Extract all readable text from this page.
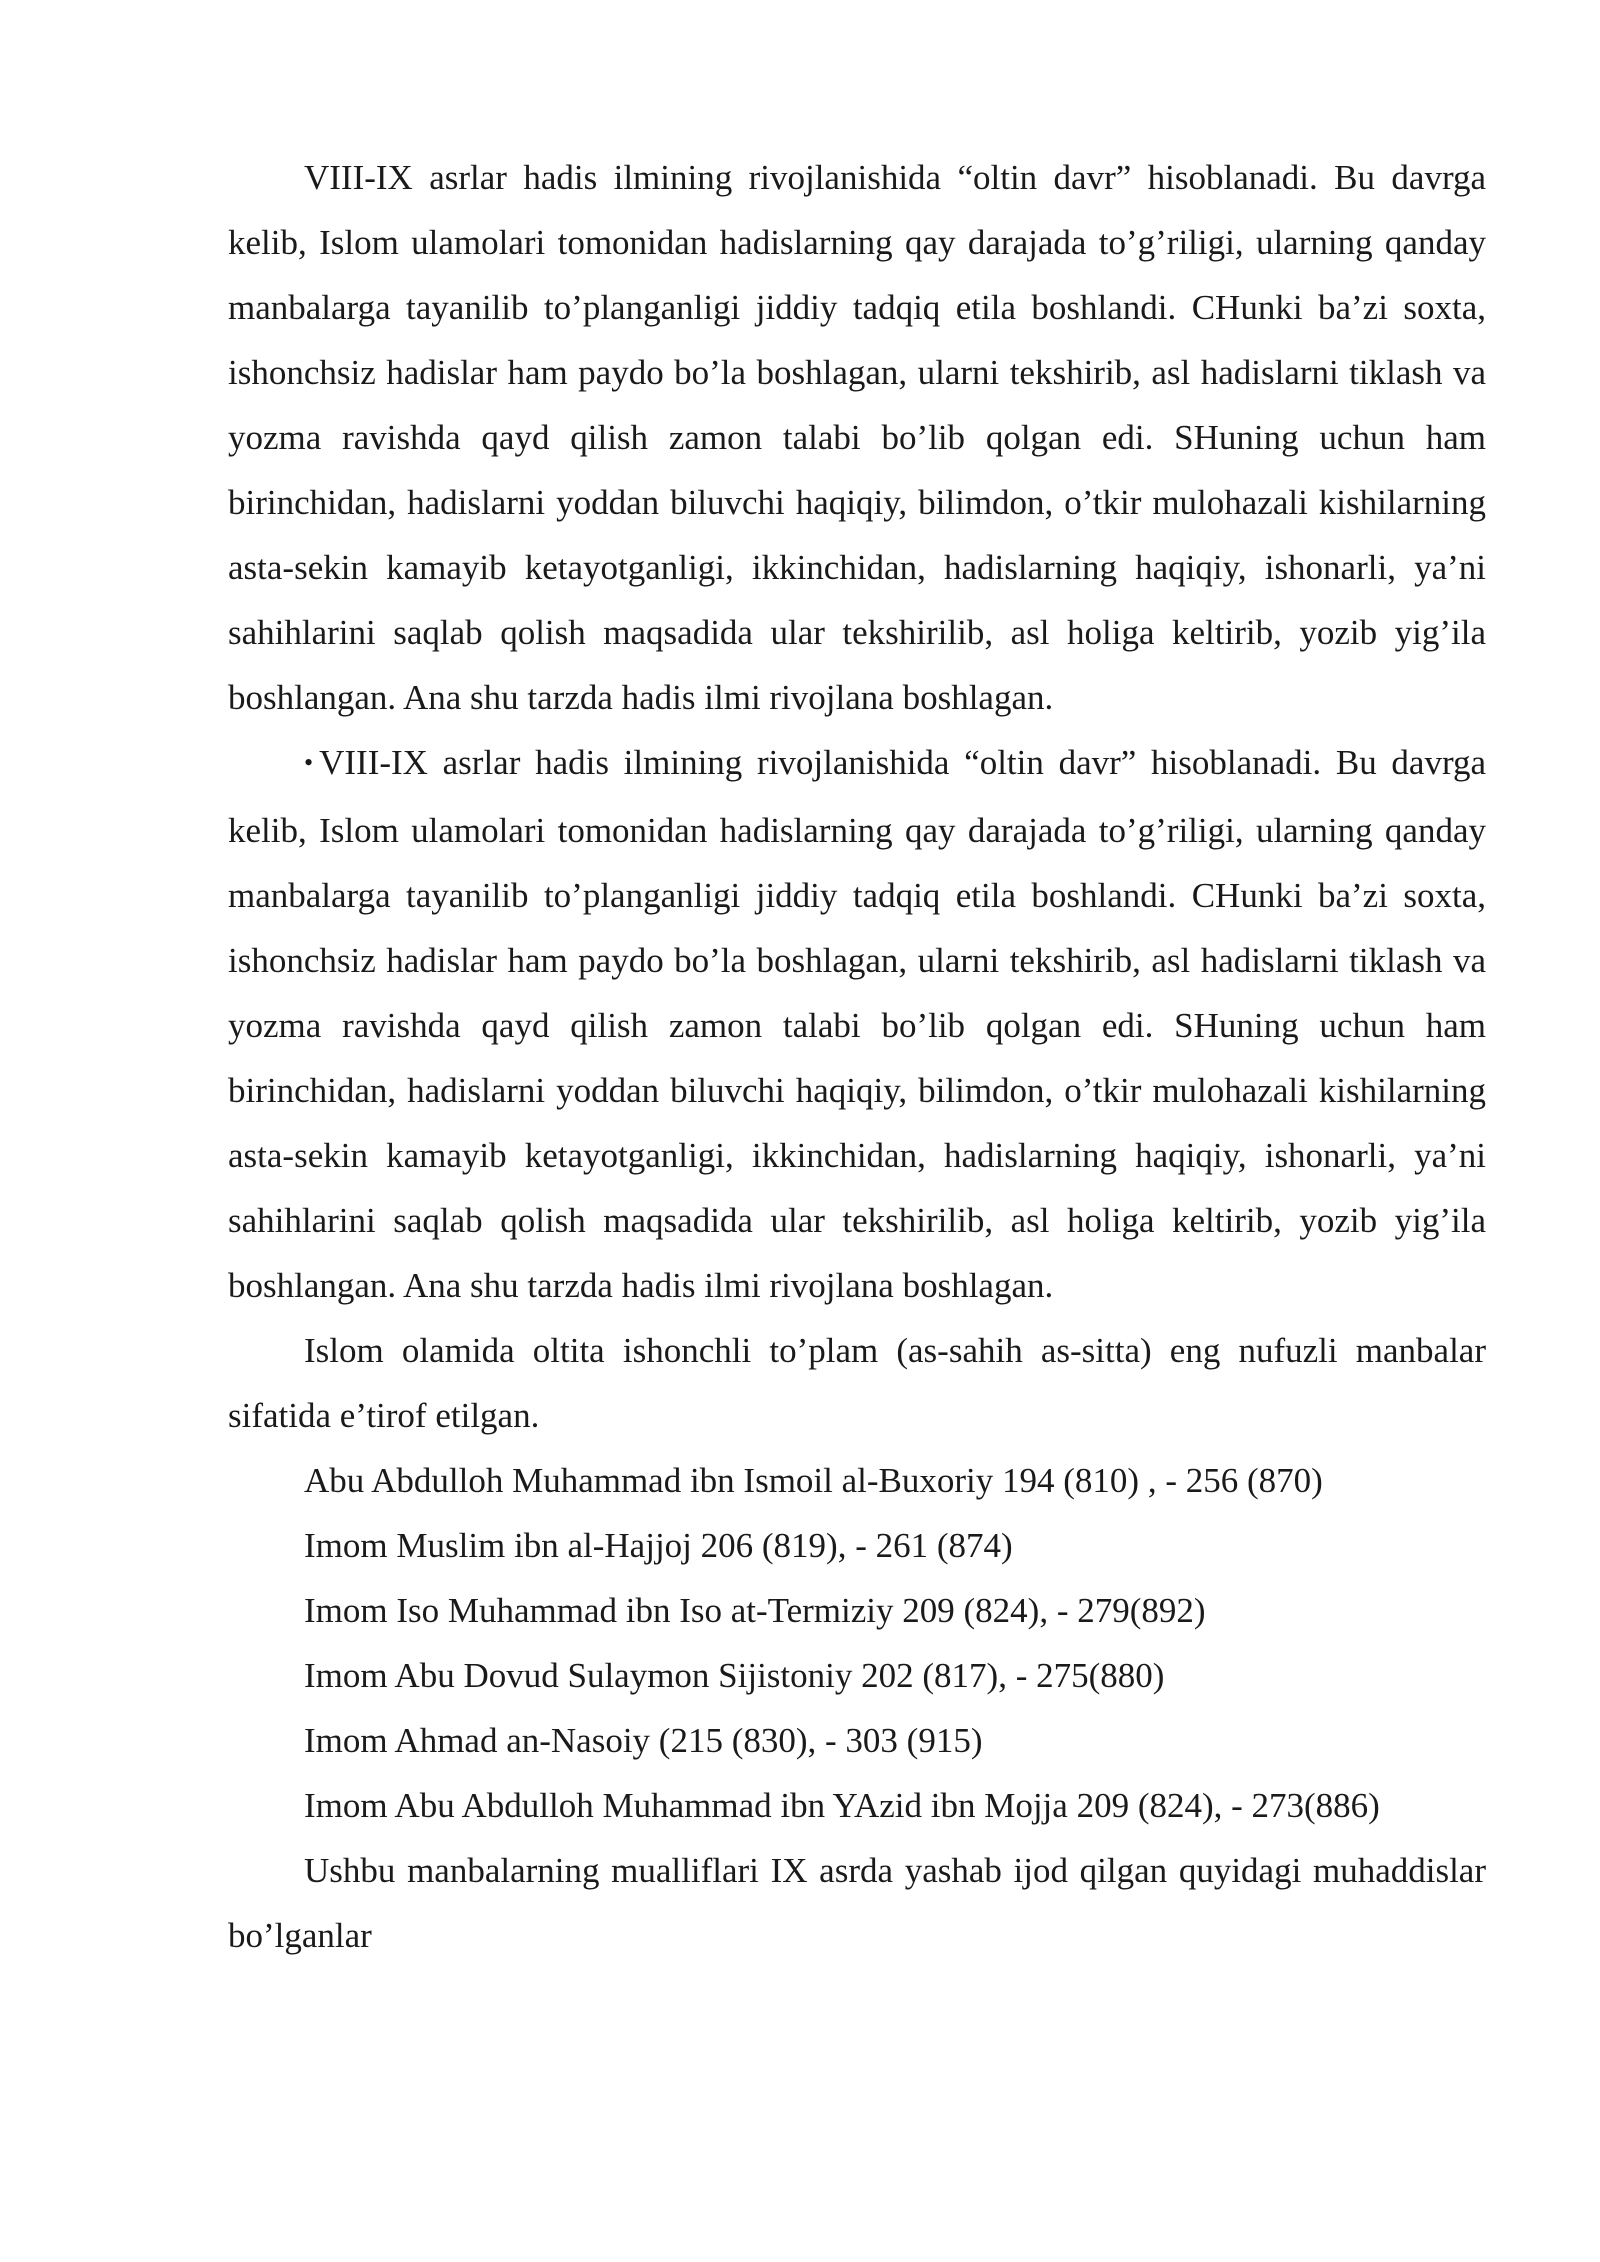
VIII-IX asrlar hadis ilmining rivojlanishida “oltin davr” hisoblanadi. Bu davrga kelib, Islom ulamolari tomonidan hadislarning qay darajada to’g’riligi, ularning qanday manbalarga tayanilib to’planganligi jiddiy tadqiq etila boshlandi. CHunki ba’zi soxta, ishonchsiz hadislar ham paydo bo’la boshlagan, ularni tekshirib, asl hadislarni tiklash va yozma ravishda qayd qilish zamon talabi bo’lib qolgan edi. SHuning uchun ham birinchidan, hadislarni yoddan biluvchi haqiqiy, bilimdon, o’tkir mulohazali kishilarning asta-sekin kamayib ketayotganligi, ikkinchidan, hadislarning haqiqiy, ishonarli, ya’ni sahihlarini saqlab qolish maqsadida ular tekshirilib, asl holiga keltirib, yozib yig’ila boshlangan. Ana shu tarzda hadis ilmi rivojlana boshlagan.

• VIII-IX asrlar hadis ilmining rivojlanishida “oltin davr” hisoblanadi. Bu davrga kelib, Islom ulamolari tomonidan hadislarning qay darajada to’g’riligi, ularning qanday manbalarga tayanilib to’planganligi jiddiy tadqiq etila boshlandi. CHunki ba’zi soxta, ishonchsiz hadislar ham paydo bo’la boshlagan, ularni tekshirib, asl hadislarni tiklash va yozma ravishda qayd qilish zamon talabi bo’lib qolgan edi. SHuning uchun ham birinchidan, hadislarni yoddan biluvchi haqiqiy, bilimdon, o’tkir mulohazali kishilarning asta-sekin kamayib ketayotganligi, ikkinchidan, hadislarning haqiqiy, ishonarli, ya’ni sahihlarini saqlab qolish maqsadida ular tekshirilib, asl holiga keltirib, yozib yig’ila boshlangan. Ana shu tarzda hadis ilmi rivojlana boshlagan.

Islom olamida oltita ishonchli to’plam (as-sahih as-sitta) eng nufuzli manbalar sifatida e’tirof etilgan.

Abu Abdulloh Muhammad ibn Ismoil al-Buxoriy 194 (810) , - 256 (870)

Imom Muslim ibn al-Hajjoj 206 (819), - 261 (874)

Imom Iso Muhammad ibn Iso at-Termiziy 209 (824), - 279(892)

Imom Abu Dovud Sulaymon Sijistoniy 202 (817), - 275(880)

Imom Ahmad an-Nasoiy (215 (830), - 303 (915)

Imom Abu Abdulloh Muhammad ibn YAzid ibn Mojja 209 (824), - 273(886)

Ushbu manbalarning mualliflari IX asrda yashab ijod qilgan quyidagi muhaddislar bo’lganlar
